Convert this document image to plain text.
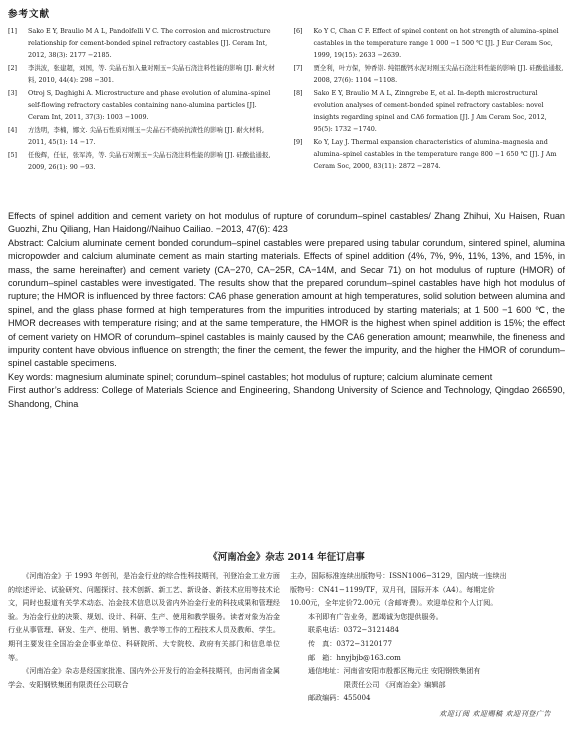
参考文献
[1]	Sako E Y, Braulio M A L, Pandolfelli V C. The corrosion and microstructure relationship for cement-bonded spinel refractory castables [J]. Ceram Int, 2012, 38(3): 2177 −2185.
[2]	李洪波，张建超，刘国，等. 尖晶石加入量对刚玉−尖晶石浇注料性能的影响 [J]. 耐火材料, 2010, 44(4): 298 −301.
[3]	Otroj S, Daghighi A. Microstructure and phase evolution of alumina–spinel self-flowing refractory castables containing nano-alumina particles [J]. Ceram Int, 2011, 37(3): 1003 −1009.
[4]	方迭明，李楠，娜文. 尖晶石性质对刚玉−尖晶石不烧砖抗渣性的影响 [J]. 耐火材料, 2011, 45(1): 14 −17.
[5]	任俊辉，任征，张军涛，等. 尖晶石对刚玉−尖晶石浇注料性能的影响 [J]. 硅酸盐通报, 2009, 26(1): 90 −93.
[6]	Ko Y C, Chan C F. Effect of spinel content on hot strength of alumina–spinel castables in the temperature range 1 000 −1 500 ℃ [J]. J Eur Ceram Soc, 1999, 19(15): 2633 −2639.
[7]	贾全利，叶方保，钟香崇. 纯铝酸钙水泥对刚玉尖晶石浇注料性能的影响 [J]. 硅酸盐通报, 2008, 27(6): 1104 −1108.
[8]	Sako E Y, Braulio M A L, Zinngrebe E, et al. In-depth microstructural evolution analyses of cement-bonded spinel refractory castables: novel insights regarding spinel and CA6 formation [J]. J Am Ceram Soc, 2012, 95(5): 1732 −1740.
[9]	Ko Y, Lay J. Thermal expansion characteristics of alumina–magnesia and alumina–spinel castables in the temperature range 800 −1 650 ℃ [J]. J Am Ceram Soc, 2000, 83(11): 2872 −2874.

Effects of spinel addition and cement variety on hot modulus of rupture of corundum–spinel castables/ Zhang Zhihui, Xu Haisen, Ruan Guozhi, Zhu Qiliang, Han Haidong//Naihuo Cailiao. −2013, 47(6): 423

Abstract: Calcium aluminate cement bonded corundum–spinel castables were prepared using tabular corundum, sintered spinel, alumina micropowder and calcium aluminate cement as main starting materials. Effects of spinel addition (4%, 7%, 9%, 11%, 13%, and 15%, in mass, the same hereinafter) and cement variety (CA−270, CA−25R, CA−14M, and Secar 71) on hot modulus of rupture (HMOR) of corundum–spinel castables were investigated. The results show that the prepared corundum–spinel castables have high hot modulus of rupture; the HMOR is influenced by three factors: CA6 phase generation amount at high temperatures, solid solution between alumina and spinel, and the glass phase formed at high temperatures from the impurities introduced by starting materials; at 1 500 −1 600 ℃, the HMOR decreases with temperature rising; and at the same temperature, the HMOR is the highest when spinel addition is 15%; the effect of cement variety on HMOR of corundum–spinel castables is mainly caused by the CA6 generation amount; meanwhile, the fineness and impurity content have obvious influence on strength; the finer the cement, the fewer the impurity, and the higher the HMOR of corundum–spinel castable specimens.

Key words: magnesium aluminate spinel; corundum–spinel castables; hot modulus of rupture; calcium aluminate cement

First author’s address: College of Materials Science and Engineering, Shandong University of Science and Technology, Qingdao 266590, Shandong, China

《河南冶金》杂志 2014 年征订启事

《河南冶金》于 1993 年创刊，是冶金行业的综合性科技期刊，刊登冶金工业方面的综述评论、试验研究、问题探讨、技术创新、新工艺、新设备、新技术应用等技术论文，同时也报道有关学术动态、冶金技术信息以及省内外冶金行业的科技成果和管理经验。为冶金行业的决策、规划、设计、科研、生产、使用和教学服务。读者对象为冶金行业从事管理、研发、生产、使用、销售、教学等工作的工程技术人员及教师、学生。期刊主要发往全国冶金企事业单位、科研院所、大专院校、政府有关部门和信息单位等。

《河南冶金》杂志是经国家批准、国内外公开发行的冶金科技期刊，由河南省金属学会、安阳钢铁集团有限责任公司联合

主办，国际标准连续出版物号：ISSN1006−3129，国内统一连续出
版物号：CN41−1199/TF，双月刊，国际开本（A4）。每期定价
10.00元，全年定价72.00元（含邮寄费）。欢迎单位和个人订阅。
本刊即有广告业务，愿竭诚为您提供服务。
联系电话：0372−3121484
传　真：0372−3120177
邮　箱：hnyjbjb@163.com
通信地址：河南省安阳市殷都区梅元庄 安阳钢铁集团有
限责任公司 《河南冶金》编辑部
邮政编码：455004
欢迎订阅 欢迎赐稿 欢迎刊登广告
